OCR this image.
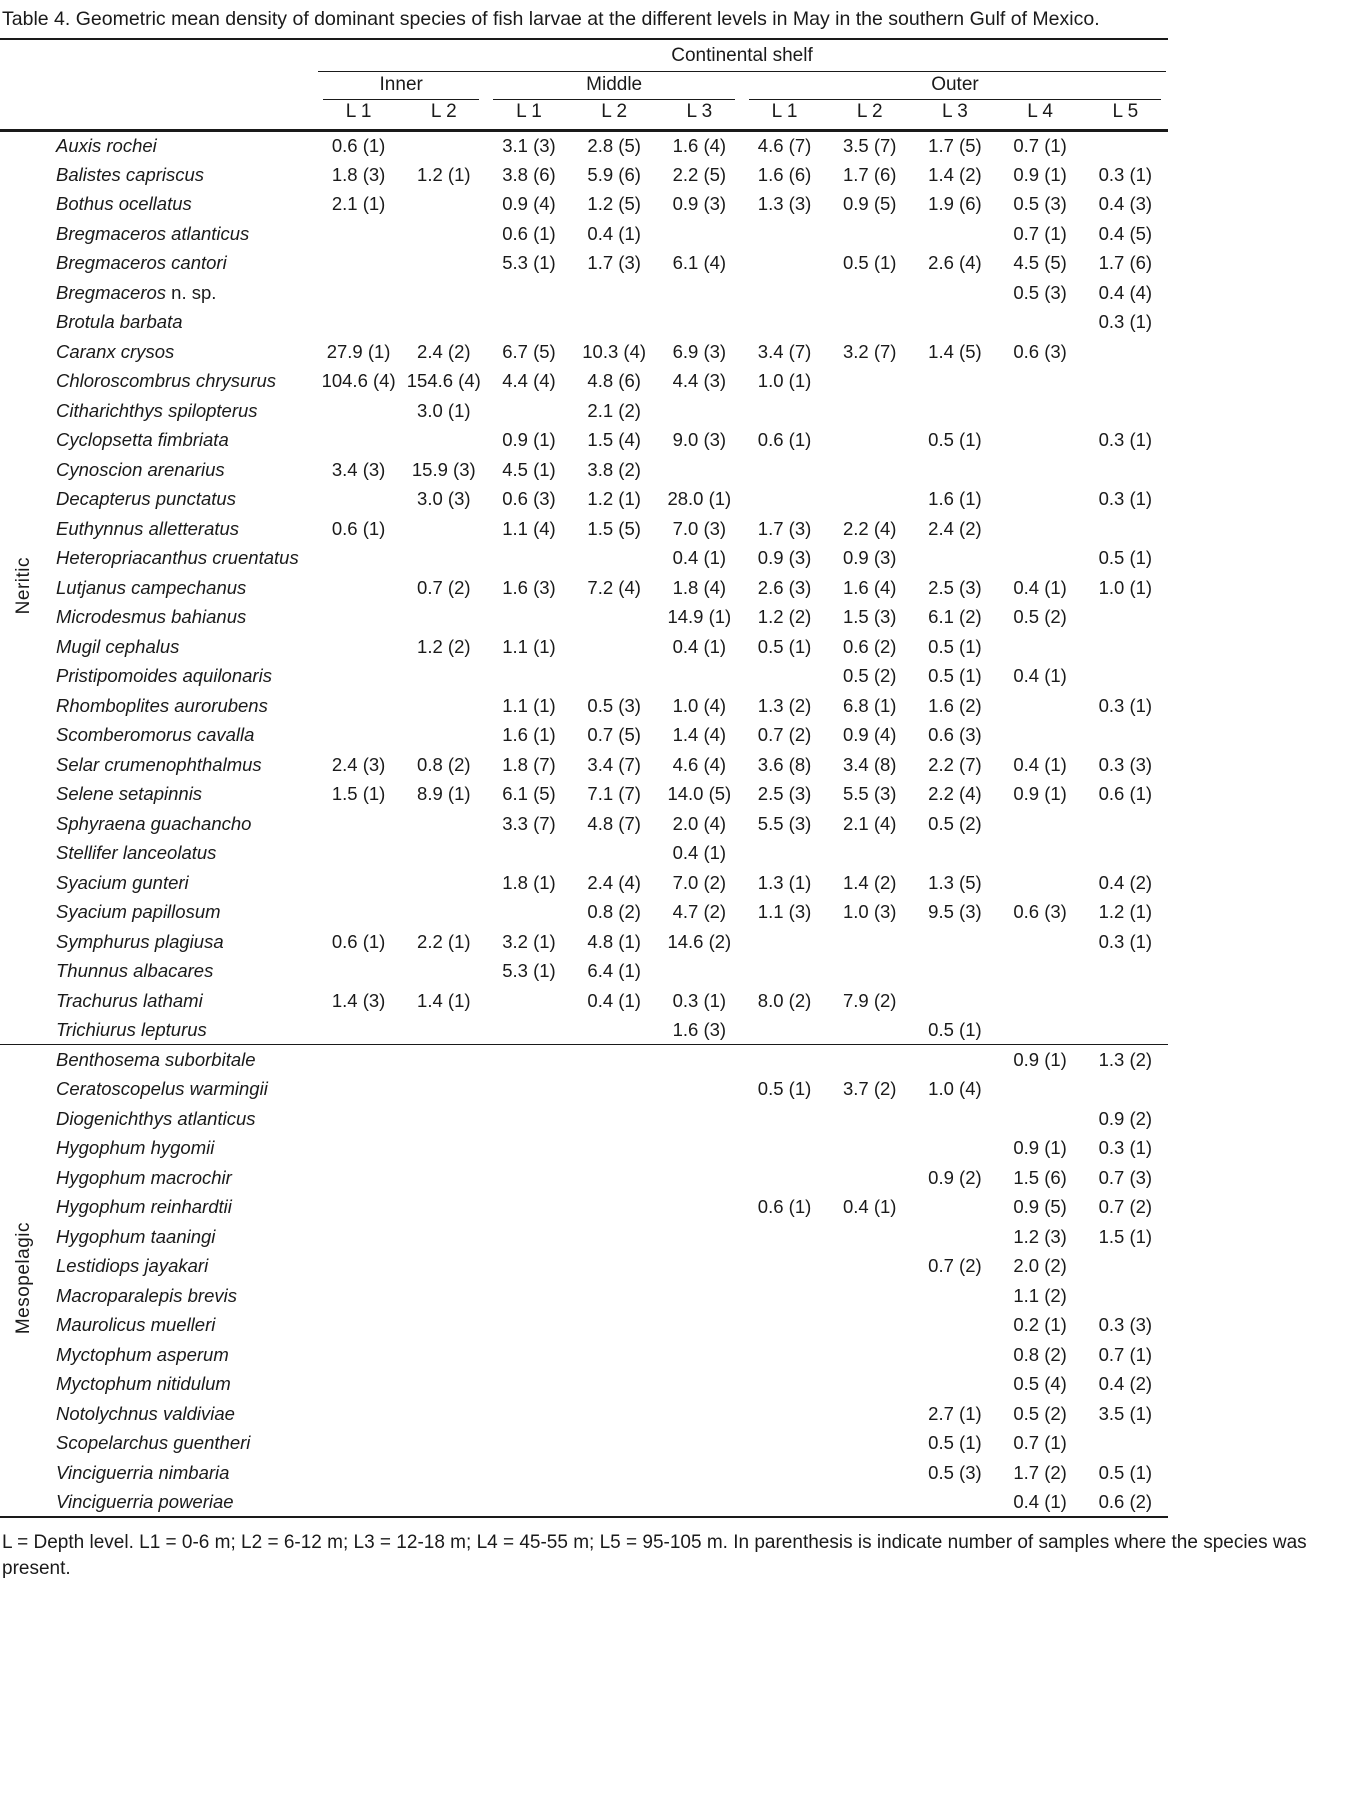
Table 4. Geometric mean density of dominant species of fish larvae at the different levels in May in the southern Gulf of Mexico.

		Continental shelf									

		Inner		Middle			Outer				

		L 1	L 2	L 1	L 2	L 3	L 1	L 2	L 3	L 4	L 5
Neritic	Auxis rochei	0.6 (1)		3.1 (3)	2.8 (5)	1.6 (4)	4.6 (7)	3.5 (7)	1.7 (5)	0.7 (1)	
	Balistes capriscus	1.8 (3)	1.2 (1)	3.8 (6)	5.9 (6)	2.2 (5)	1.6 (6)	1.7 (6)	1.4 (2)	0.9 (1)	0.3 (1)
	Bothus ocellatus	2.1 (1)		0.9 (4)	1.2 (5)	0.9 (3)	1.3 (3)	0.9 (5)	1.9 (6)	0.5 (3)	0.4 (3)
	Bregmaceros atlanticus			0.6 (1)	0.4 (1)					0.7 (1)	0.4 (5)
	Bregmaceros cantori			5.3 (1)	1.7 (3)	6.1 (4)		0.5 (1)	2.6 (4)	4.5 (5)	1.7 (6)
	Bregmaceros n. sp.									0.5 (3)	0.4 (4)
	Brotula barbata										0.3 (1)
	Caranx crysos	27.9 (1)	2.4 (2)	6.7 (5)	10.3 (4)	6.9 (3)	3.4 (7)	3.2 (7)	1.4 (5)	0.6 (3)	
	Chloroscombrus chrysurus	104.6 (4)	154.6 (4)	4.4 (4)	4.8 (6)	4.4 (3)	1.0 (1)				
	Citharichthys spilopterus		3.0 (1)		2.1 (2)						
	Cyclopsetta fimbriata			0.9 (1)	1.5 (4)	9.0 (3)	0.6 (1)		0.5 (1)		0.3 (1)
	Cynoscion arenarius	3.4 (3)	15.9 (3)	4.5 (1)	3.8 (2)						
	Decapterus punctatus		3.0 (3)	0.6 (3)	1.2 (1)	28.0 (1)			1.6 (1)		0.3 (1)
	Euthynnus alletteratus	0.6 (1)		1.1 (4)	1.5 (5)	7.0 (3)	1.7 (3)	2.2 (4)	2.4 (2)		
	Heteropriacanthus cruentatus					0.4 (1)	0.9 (3)	0.9 (3)			0.5 (1)
	Lutjanus campechanus		0.7 (2)	1.6 (3)	7.2 (4)	1.8 (4)	2.6 (3)	1.6 (4)	2.5 (3)	0.4 (1)	1.0 (1)
	Microdesmus bahianus					14.9 (1)	1.2 (2)	1.5 (3)	6.1 (2)	0.5 (2)	
	Mugil cephalus		1.2 (2)	1.1 (1)		0.4 (1)	0.5 (1)	0.6 (2)	0.5 (1)		
	Pristipomoides aquilonaris							0.5 (2)	0.5 (1)	0.4 (1)	
	Rhomboplites aurorubens			1.1 (1)	0.5 (3)	1.0 (4)	1.3 (2)	6.8 (1)	1.6 (2)		0.3 (1)
	Scomberomorus cavalla			1.6 (1)	0.7 (5)	1.4 (4)	0.7 (2)	0.9 (4)	0.6 (3)		
	Selar crumenophthalmus	2.4 (3)	0.8 (2)	1.8 (7)	3.4 (7)	4.6 (4)	3.6 (8)	3.4 (8)	2.2 (7)	0.4 (1)	0.3 (3)
	Selene setapinnis	1.5 (1)	8.9 (1)	6.1 (5)	7.1 (7)	14.0 (5)	2.5 (3)	5.5 (3)	2.2 (4)	0.9 (1)	0.6 (1)
	Sphyraena guachancho			3.3 (7)	4.8 (7)	2.0 (4)	5.5 (3)	2.1 (4)	0.5 (2)		
	Stellifer lanceolatus					0.4 (1)					
	Syacium gunteri			1.8 (1)	2.4 (4)	7.0 (2)	1.3 (1)	1.4 (2)	1.3 (5)		0.4 (2)
	Syacium papillosum				0.8 (2)	4.7 (2)	1.1 (3)	1.0 (3)	9.5 (3)	0.6 (3)	1.2 (1)
	Symphurus plagiusa	0.6 (1)	2.2 (1)	3.2 (1)	4.8 (1)	14.6 (2)					0.3 (1)
	Thunnus albacares			5.3 (1)	6.4 (1)						
	Trachurus lathami	1.4 (3)	1.4 (1)		0.4 (1)	0.3 (1)	8.0 (2)	7.9 (2)			
	Trichiurus lepturus					1.6 (3)			0.5 (1)		
Mesopelagic	Benthosema suborbitale									0.9 (1)	1.3 (2)
	Ceratoscopelus warmingii						0.5 (1)	3.7 (2)	1.0 (4)		
	Diogenichthys atlanticus										0.9 (2)
	Hygophum hygomii									0.9 (1)	0.3 (1)
	Hygophum macrochir								0.9 (2)	1.5 (6)	0.7 (3)
	Hygophum reinhardtii						0.6 (1)	0.4 (1)		0.9 (5)	0.7 (2)
	Hygophum taaningi									1.2 (3)	1.5 (1)
	Lestidiops jayakari								0.7 (2)	2.0 (2)	
	Macroparalepis brevis									1.1 (2)	
	Maurolicus muelleri									0.2 (1)	0.3 (3)
	Myctophum asperum									0.8 (2)	0.7 (1)
	Myctophum nitidulum									0.5 (4)	0.4 (2)
	Notolychnus valdiviae								2.7 (1)	0.5 (2)	3.5 (1)
	Scopelarchus guentheri								0.5 (1)	0.7 (1)	
	Vinciguerria nimbaria								0.5 (3)	1.7 (2)	0.5 (1)
	Vinciguerria poweriae									0.4 (1)	0.6 (2)
L = Depth level. L1 = 0-6 m; L2 = 6-12 m; L3 = 12-18 m; L4 = 45-55 m; L5 = 95-105 m. In parenthesis is indicate number of samples where the species was present.
